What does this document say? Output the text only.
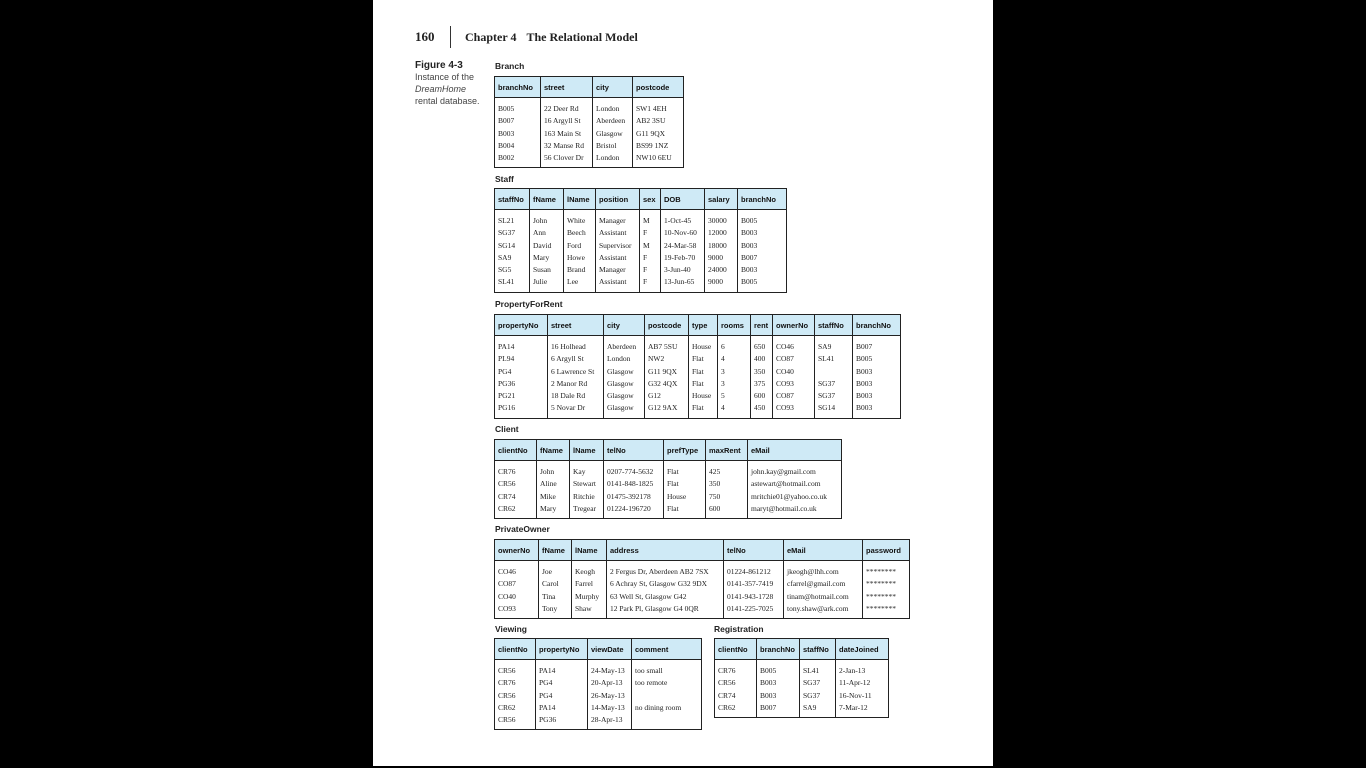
160	Chapter 4 The Relational Model
Figure 4-3
Instance of the
DreamHome
rental database.
Branch
branchNo	street	city	postcode
B005	22 Deer Rd	London	SW1 4EH
B007	16 Argyll St	Aberdeen	AB2 3SU
B003	163 Main St	Glasgow	G11 9QX
B004	32 Manse Rd	Bristol	BS99 1NZ
B002	56 Clover Dr	London	NW10 6EU
Staff
staffNo	fName	lName	position	sex	DOB	salary	branchNo
SL21	John	White	Manager	M	1-Oct-45	30000	B005
SG37	Ann	Beech	Assistant	F	10-Nov-60	12000	B003
SG14	David	Ford	Supervisor	M	24-Mar-58	18000	B003
SA9	Mary	Howe	Assistant	F	19-Feb-70	9000	B007
SG5	Susan	Brand	Manager	F	3-Jun-40	24000	B003
SL41	Julie	Lee	Assistant	F	13-Jun-65	9000	B005
PropertyForRent
propertyNo	street	city	postcode	type	rooms	rent	ownerNo	staffNo	branchNo
PA14	16 Holhead	Aberdeen	AB7 5SU	House	6	650	CO46	SA9	B007
PL94	6 Argyll St	London	NW2	Flat	4	400	CO87	SL41	B005
PG4	6 Lawrence St	Glasgow	G11 9QX	Flat	3	350	CO40		B003
PG36	2 Manor Rd	Glasgow	G32 4QX	Flat	3	375	CO93	SG37	B003
PG21	18 Dale Rd	Glasgow	G12	House	5	600	CO87	SG37	B003
PG16	5 Novar Dr	Glasgow	G12 9AX	Flat	4	450	CO93	SG14	B003
Client
clientNo	fName	lName	telNo	prefType	maxRent	eMail
CR76	John	Kay	0207-774-5632	Flat	425	john.kay@gmail.com
CR56	Aline	Stewart	0141-848-1825	Flat	350	astewart@hotmail.com
CR74	Mike	Ritchie	01475-392178	House	750	mritchie01@yahoo.co.uk
CR62	Mary	Tregear	01224-196720	Flat	600	maryt@hotmail.co.uk
PrivateOwner
ownerNo	fName	lName	address	telNo	eMail	password
CO46	Joe	Keogh	2 Fergus Dr, Aberdeen AB2 7SX	01224-861212	jkeogh@lhh.com	********
CO87	Carol	Farrel	6 Achray St, Glasgow G32 9DX	0141-357-7419	cfarrel@gmail.com	********
CO40	Tina	Murphy	63 Well St, Glasgow G42	0141-943-1728	tinam@hotmail.com	********
CO93	Tony	Shaw	12 Park Pl, Glasgow G4 0QR	0141-225-7025	tony.shaw@ark.com	********
Viewing
clientNo	propertyNo	viewDate	comment
CR56	PA14	24-May-13	too small
CR76	PG4	20-Apr-13	too remote
CR56	PG4	26-May-13	
CR62	PA14	14-May-13	no dining room
CR56	PG36	28-Apr-13	
Registration
clientNo	branchNo	staffNo	dateJoined
CR76	B005	SL41	2-Jan-13
CR56	B003	SG37	11-Apr-12
CR74	B003	SG37	16-Nov-11
CR62	B007	SA9	7-Mar-12
